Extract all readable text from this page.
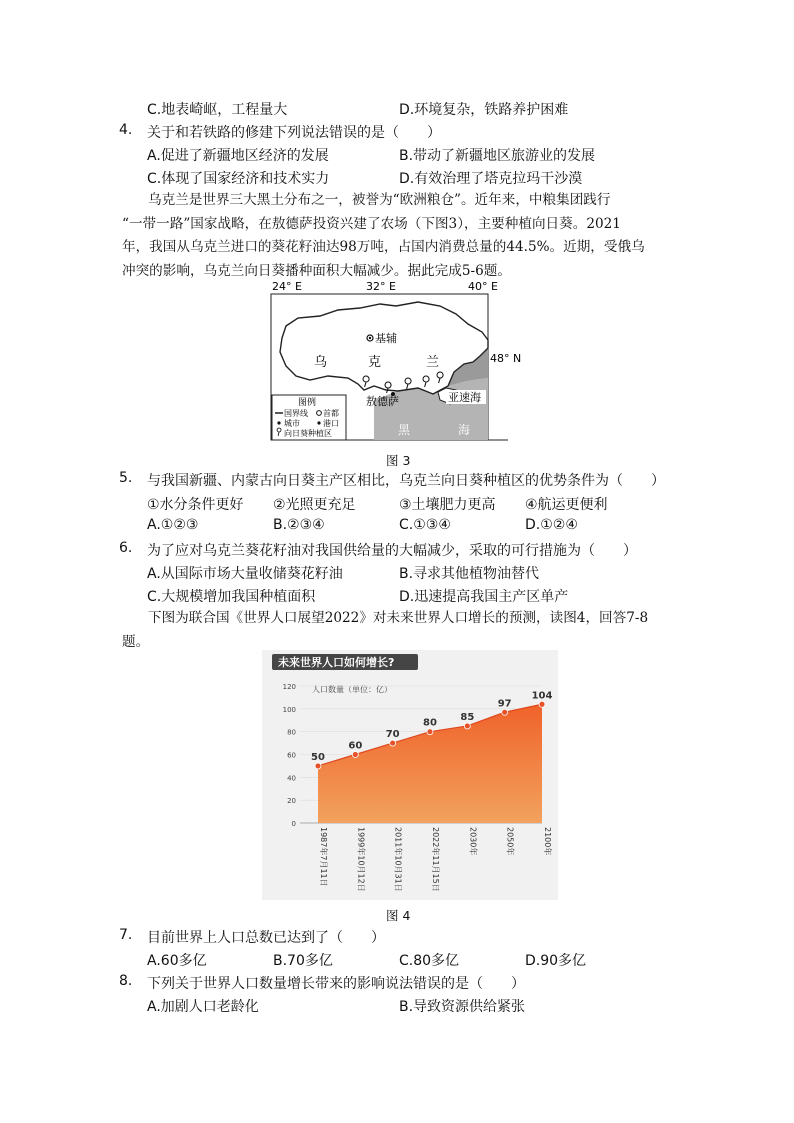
C.地表崎岖，工程量大	D.环境复杂，铁路养护困难
4. 关于和若铁路的修建下列说法错误的是（　　）
A.促进了新疆地区经济的发展	B.带动了新疆地区旅游业的发展
C.体现了国家经济和技术实力	D.有效治理了塔克拉玛干沙漠
乌克兰是世界三大黑土分布之一，被誉为“欧洲粮仓”。近年来，中粮集团践行
“一带一路”国家战略，在敖德萨投资兴建了农场（下图3），主要种植向日葵。2021
年，我国从乌克兰进口的葵花籽油达98万吨，占国内消费总量的44.5%。近期，受俄乌
冲突的影响，乌克兰向日葵播种面积大幅减少。据此完成5-6题。
24° E	32° E	40° E
基辅
乌	克	兰	48° N
敖德萨	亚速海
黑	海
图例
国界线 首都
城市	港口
向日葵种植区
图 3
5. 与我国新疆、内蒙古向日葵主产区相比，乌克兰向日葵种植区的优势条件为（　　）
①水分条件更好 ②光照更充足	③土壤肥力更高 ④航运更便利
A.①②③	B.②③④	C.①③④	D.①②④
6. 为了应对乌克兰葵花籽油对我国供给量的大幅减少，采取的可行措施为（　　）
A.从国际市场大量收储葵花籽油	B.寻求其他植物油替代
C.大规模增加我国种植面积	D.迅速提高我国主产区单产
下图为联合国《世界人口展望2022》对未来世界人口增长的预测，读图4，回答7-8
题。
未来世界人口如何增长?
人口数量（单位：亿）
0
20
40
60
80
100
120
50
60
70
80
85
97
104
1987年7月11日	1999年10月12日	2011年10月31日	2022年11月15日	2030年	2050年	2100年
图 4
7. 目前世界上人口总数已达到了（　　）
A.60多亿	B.70多亿	C.80多亿	D.90多亿
8. 下列关于世界人口数量增长带来的影响说法错误的是（　　）
A.加剧人口老龄化	B.导致资源供给紧张
